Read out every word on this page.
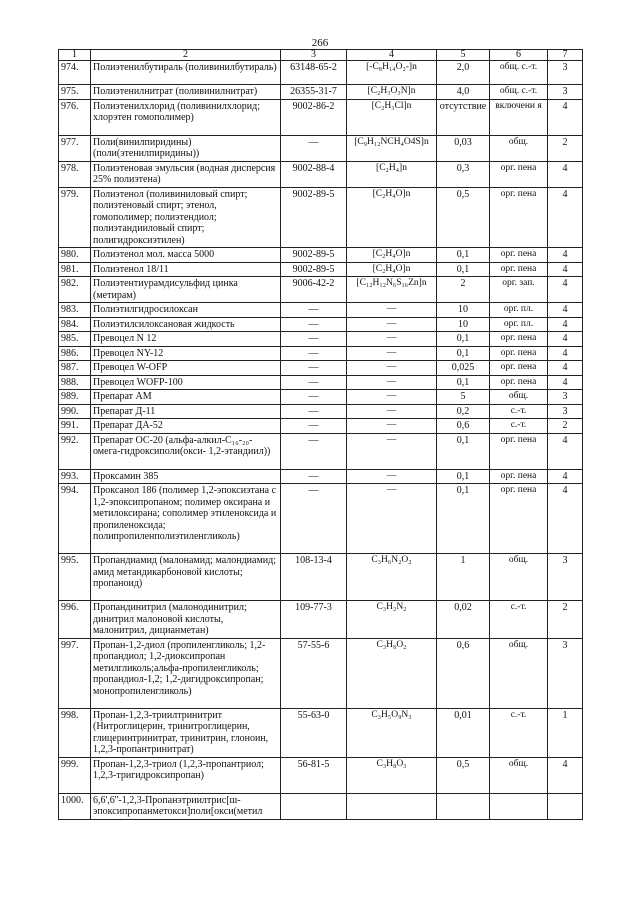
266
1	2	3	4	5	6	7
974.	Полиэтенилбутираль (поливинилбутираль)	63148-65-2	[-C₈H₁₄O₂-]n	2,0	общ. с.-т.	3
975.	Полиэтенилнитрат (поливинилнитрат)	26355-31-7	[C₂H₃O₃N]n	4,0	общ. с.-т.	3
976.	Полиэтенилхлорид (поливинилхлорид; хлорэтен гомополимер)	9002-86-2	[C₂H₃Cl]n	отсутствие	включени я	4
977.	Поли(винилпиридины) (поли(этенилпиридины))	—	[C₉H₁₂NCH₄O4S]n	0,03	общ.	2
978.	Полиэтеновая эмульсия (водная дисперсия 25% полиэтена)	9002-88-4	[C₂H₄]n	0,3	орг. пена	4
979.	Полиэтенол (поливиниловый спирт; полиэтеновый спирт; этенол, гомополимер; полиэтендиол; полиэтандииловый спирт; полигидроксиэтилен)	9002-89-5	[C₂H₄O]n	0,5	орг. пена	4
980.	Полиэтенол мол. масса 5000	9002-89-5	[C₂H₄O]n	0,1	орг. пена	4
981.	Полиэтенол 18/11	9002-89-5	[C₂H₄O]n	0,1	орг. пена	4
982.	Полиэтентиурамдисульфид цинка (метирам)	9006-42-2	[C₁₂H₁₂N₆S₁₆Zn]n	2	орг. зап.	4
983.	Полиэтилгидросилоксан	—	—	10	орг. пл.	4
984.	Полиэтилсилоксановая жидкость	—	—	10	орг. пл.	4
985.	Превоцел N 12	—	—	0,1	орг. пена	4
986.	Превоцел NY-12	—	—	0,1	орг. пена	4
987.	Превоцел W-OFP	—	—	0,025	орг. пена	4
988.	Превоцел WOFP-100	—	—	0,1	орг. пена	4
989.	Препарат АМ	—	—	5	общ.	3
990.	Препарат Д-11	—	—	0,2	с.-т.	3
991.	Препарат ДА-52	—	—	0,6	с.-т.	2
992.	Препарат ОС-20 (альфа-алкил-C₁₆-₂₀-омега-гидроксиполи(окси- 1,2-этандиил))	—	—	0,1	орг. пена	4
993.	Проксамин 385	—	—	0,1	орг. пена	4
994.	Проксанол 186 (полимер 1,2-эпоксиэтана с 1,2-эпоксипропаном; полимер оксирана и метилоксирана; сополимер этиленоксида и пропиленоксида; полипропиленполиэтиленгликоль)	—	—	0,1	орг. пена	4
995.	Пропандиамид (малонамид; малондиамид; амид метандикарбоновой кислоты; пропаноид)	108-13-4	C₃H₆N₂O₂	1	общ.	3
996.	Пропандинитрил (малонодинитрил; динитрил малоновой кислоты, малонитрил, дицианметан)	109-77-3	C₃H₂N₂	0,02	с.-т.	2
997.	Пропан-1,2-диол (пропиленгликоль; 1,2-пропандиол; 1,2-диоксипропан метилгликоль;альфа-пропиленгликоль; пропандиол-1,2; 1,2-дигидроксипропан; монопропиленгликоль)	57-55-6	C₃H₈O₂	0,6	общ.	3
998.	Пропан-1,2,3-триилтринитрит (Нитроглицерин, тринитроглицерин, глицеринтринитрат, тринитрин, глоноин, 1,2,3-пропантринитрат)	55-63-0	C₃H₅O₉N₃	0,01	с.-т.	1
999.	Пропан-1,2,3-триол (1,2,3-пропантриол; 1,2,3-тригидроксипропан)	56-81-5	C₃H₈O₃	0,5	общ.	4
1000.	6,6',6''-1,2,3-Пропанэтриилтрис[ш-эпоксипропанметокси]поли[окси(метил					
